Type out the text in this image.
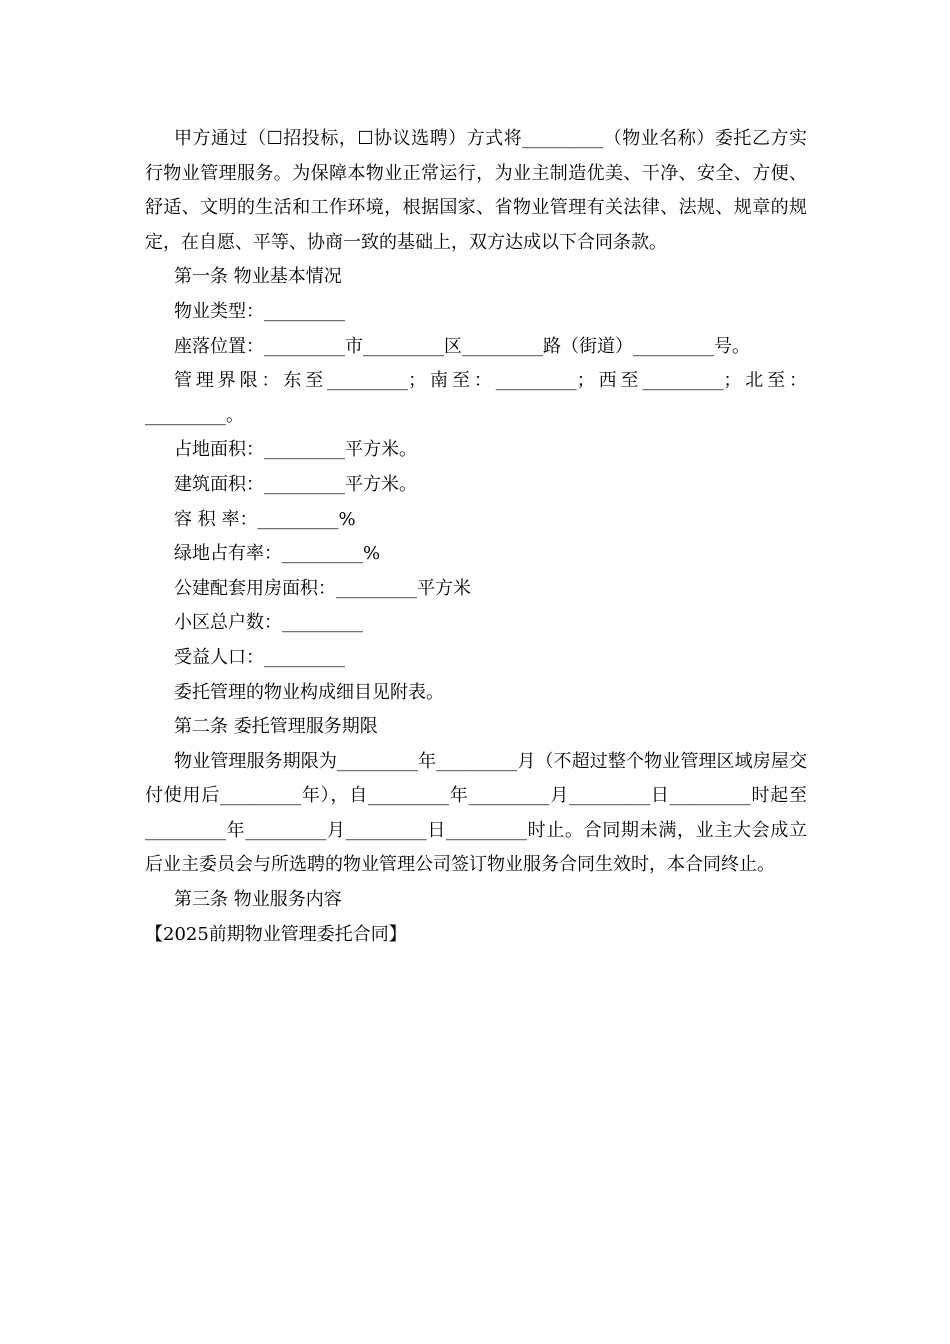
甲方通过（☐招投标，☐协议选聘）方式将_________（物业名称）委托乙方实行物业管理服务。为保障本物业正常运行，为业主制造优美、干净、安全、方便、舒适、文明的生活和工作环境，根据国家、省物业管理有关法律、法规、规章的规定，在自愿、平等、协商一致的基础上，双方达成以下合同条款。

第一条 物业基本情况

物业类型：_________

座落位置：_________市_________区_________路（街道）_________号。

管理界限：东至_________；南至：_________；西至_________；北至：_________。

占地面积：_________平方米。

建筑面积：_________平方米。

容 积 率：_________%

绿地占有率：_________%

公建配套用房面积：_________平方米

小区总户数：_________

受益人口：_________

委托管理的物业构成细目见附表。

第二条 委托管理服务期限

物业管理服务期限为_________年_________月（不超过整个物业管理区域房屋交付使用后_________年），自_________年_________月_________日_________时起至_________年_________月_________日_________时止。合同期未满，业主大会成立后业主委员会与所选聘的物业管理公司签订物业服务合同生效时，本合同终止。

第三条 物业服务内容

【2025前期物业管理委托合同】
